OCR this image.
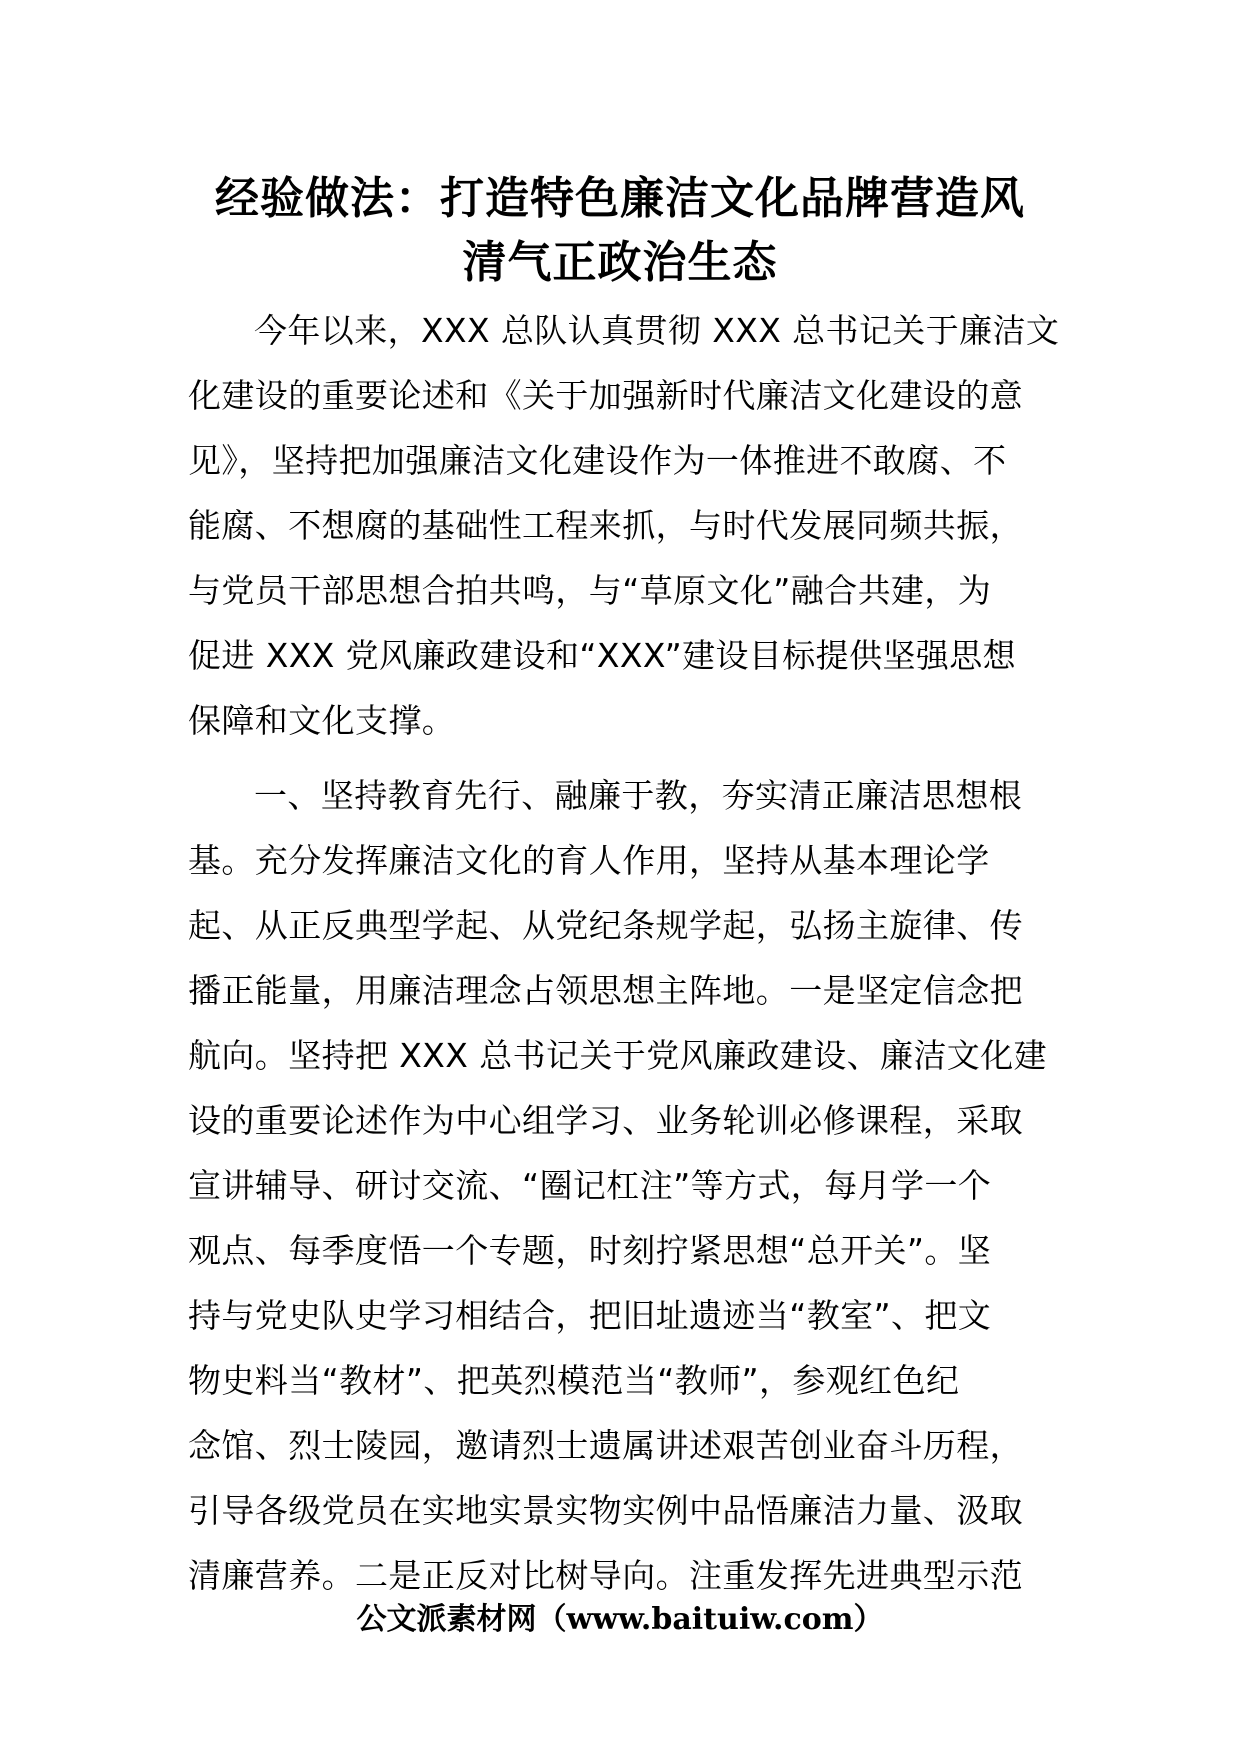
经验做法：打造特色廉洁文化品牌营造风
清气正政治生态
今年以来，XXX 总队认真贯彻 XXX 总书记关于廉洁文
化建设的重要论述和《关于加强新时代廉洁文化建设的意
见》，坚持把加强廉洁文化建设作为一体推进不敢腐、不
能腐、不想腐的基础性工程来抓，与时代发展同频共振，
与党员干部思想合拍共鸣，与“草原文化”融合共建，为
促进 XXX 党风廉政建设和“XXX”建设目标提供坚强思想
保障和文化支撑。
一、坚持教育先行、融廉于教，夯实清正廉洁思想根
基。充分发挥廉洁文化的育人作用，坚持从基本理论学
起、从正反典型学起、从党纪条规学起，弘扬主旋律、传
播正能量，用廉洁理念占领思想主阵地。一是坚定信念把
航向。坚持把 XXX 总书记关于党风廉政建设、廉洁文化建
设的重要论述作为中心组学习、业务轮训必修课程，采取
宣讲辅导、研讨交流、“圈记杠注”等方式，每月学一个
观点、每季度悟一个专题，时刻拧紧思想“总开关”。坚
持与党史队史学习相结合，把旧址遗迹当“教室”、把文
物史料当“教材”、把英烈模范当“教师”，参观红色纪
念馆、烈士陵园，邀请烈士遗属讲述艰苦创业奋斗历程，
引导各级党员在实地实景实物实例中品悟廉洁力量、汲取
清廉营养。二是正反对比树导向。注重发挥先进典型示范
公文派素材网（www.baituiw.com）
